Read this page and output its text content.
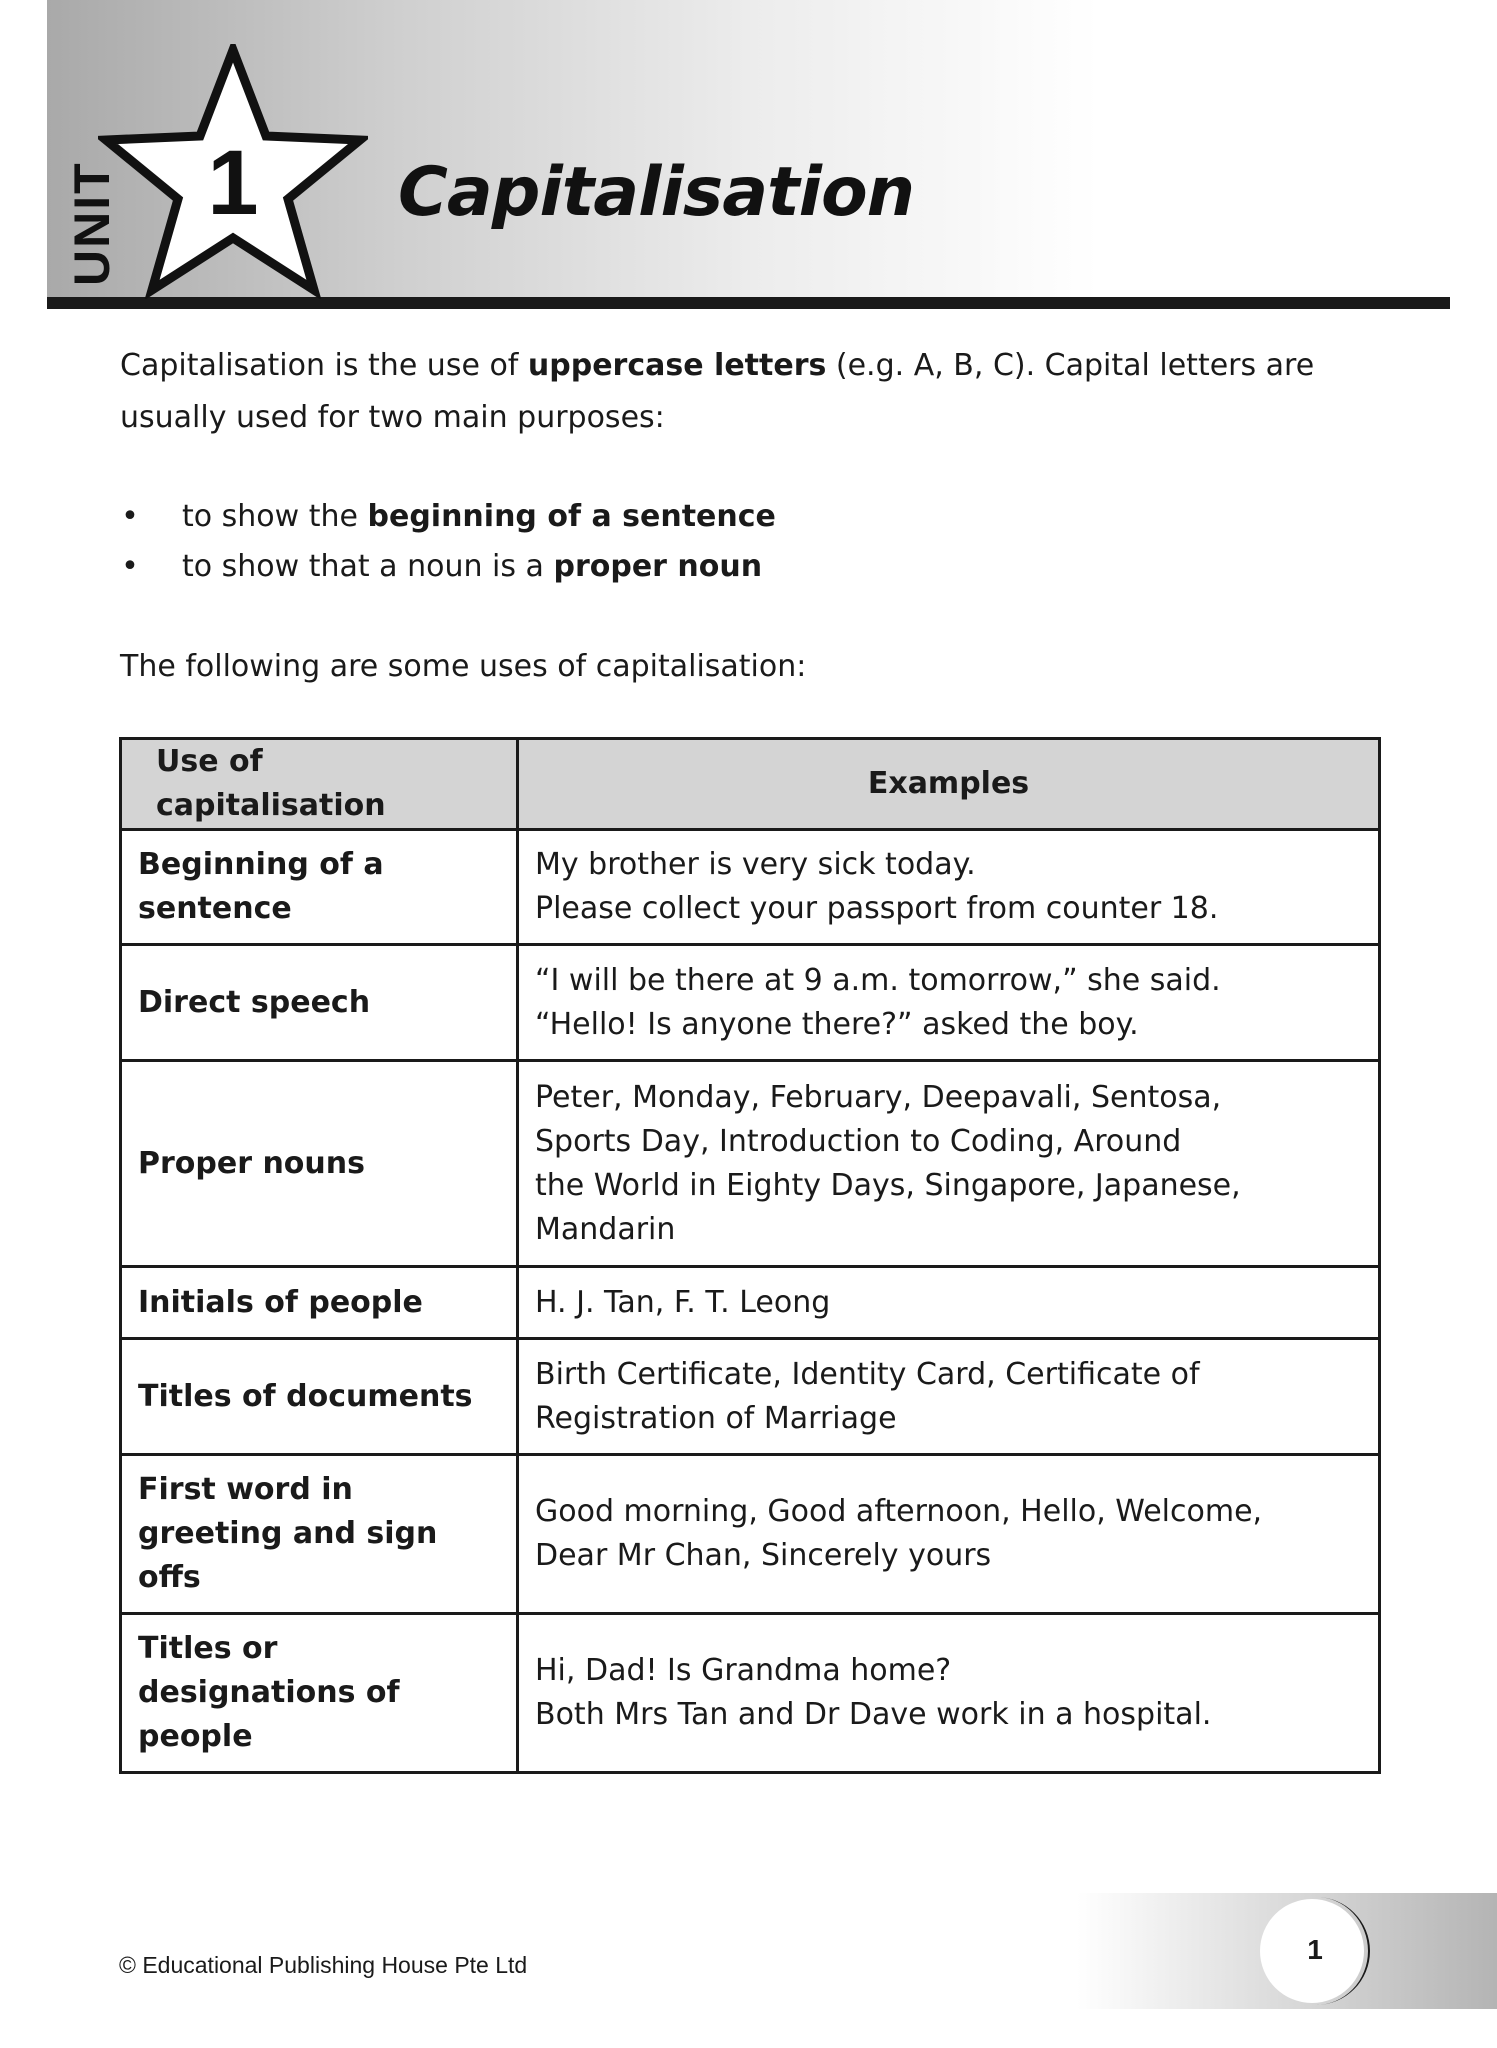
UNIT 1	Capitalisation

Capitalisation is the use of uppercase letters (e.g. A, B, C). Capital letters are usually used for two main purposes:

• to show the beginning of a sentence
• to show that a noun is a proper noun

The following are some uses of capitalisation:

Use of capitalisation	Examples
Beginning of a sentence	My brother is very sick today.
Please collect your passport from counter 18.

Direct speech	“I will be there at 9 a.m. tomorrow,” she said.
“Hello! Is anyone there?” asked the boy.

Proper nouns	Peter, Monday, February, Deepavali, Sentosa,
Sports Day, Introduction to Coding, Around
the World in Eighty Days, Singapore, Japanese,
Mandarin

Initials of people	H. J. Tan, F. T. Leong

Titles of documents	Birth Certificate, Identity Card, Certificate of
Registration of Marriage

First word in greeting and sign offs	Good morning, Good afternoon, Hello, Welcome,
Dear Mr Chan, Sincerely yours

Titles or designations of people	Hi, Dad! Is Grandma home?
Both Mrs Tan and Dr Dave work in a hospital.
1
© Educational Publishing House Pte Ltd
